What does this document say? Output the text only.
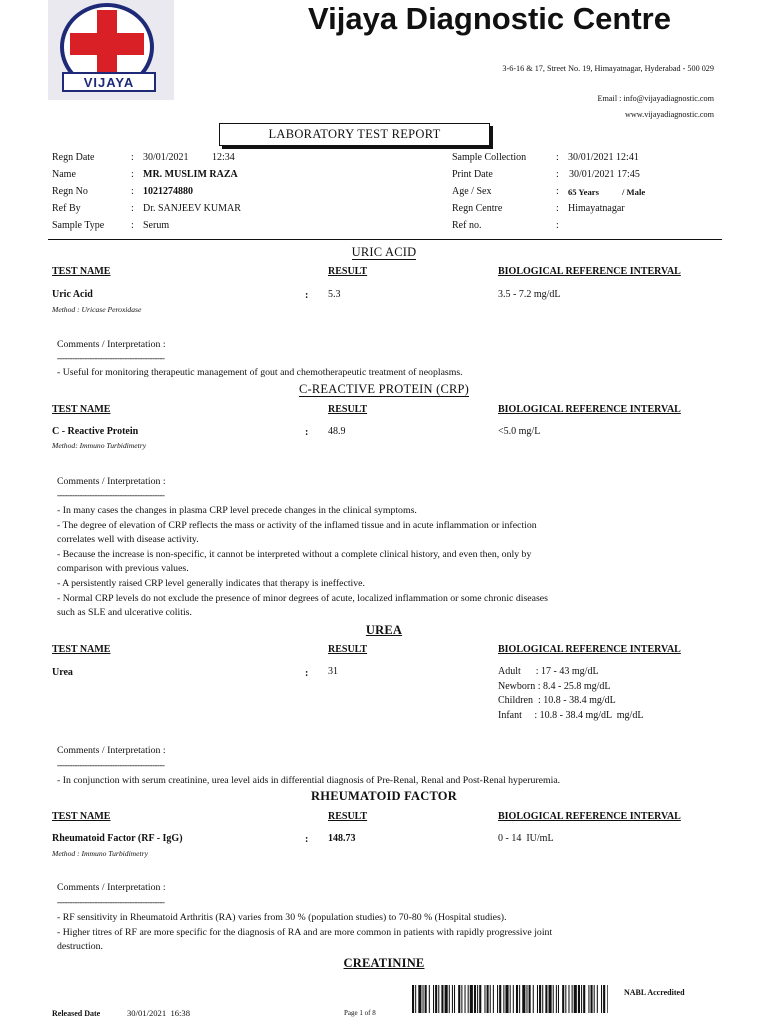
VIJAYA
Vijaya Diagnostic Centre
3-6-16 & 17, Street No. 19, Himayatnagar, Hyderabad - 500 029
Email : info@vijayadiagnostic.com
www.vijayadiagnostic.com
LABORATORY TEST REPORT
Regn Date	: 30/01/2021 12:34
Name	: MR. MUSLIM RAZA
Regn No	: 1021274880
Ref By	: Dr. SANJEEV KUMAR
Sample Type	: Serum
Sample Collection	: 30/01/2021 12:41
Print Date	: 30/01/2021 17:45
Age / Sex	: 65 Years	/ Male
Regn Centre	: Himayatnagar
Ref no.	:
URIC ACID
TEST NAME	RESULT	BIOLOGICAL REFERENCE INTERVAL
Uric Acid
Method : Uricase Peroxidase
: 5.3	3.5 - 7.2 mg/dL
Comments / Interpretation :
-------------------------------------------
- Useful for monitoring therapeutic management of gout and chemotherapeutic treatment of neoplasms.
C-REACTIVE PROTEIN (CRP)
TEST NAME	RESULT	BIOLOGICAL REFERENCE INTERVAL
C - Reactive Protein
Method: Immuno Turbidimetry
: 48.9	<5.0 mg/L
Comments / Interpretation :
-------------------------------------------
- In many cases the changes in plasma CRP level precede changes in the clinical symptoms.
- The degree of elevation of CRP reflects the mass or activity of the inflamed tissue and in acute inflammation or infection
correlates well with disease activity.
- Because the increase is non-specific, it cannot be interpreted without a complete clinical history, and even then, only by
comparison with previous values.
- A persistently raised CRP level generally indicates that therapy is ineffective.
- Normal CRP levels do not exclude the presence of minor degrees of acute, localized inflammation or some chronic diseases
such as SLE and ulcerative colitis.
UREA
TEST NAME	RESULT	BIOLOGICAL REFERENCE INTERVAL
Urea	: 31	Adult      : 17 - 43 mg/dL
Newborn : 8.4 - 25.8 mg/dL
Children  : 10.8 - 38.4 mg/dL
Infant     : 10.8 - 38.4 mg/dL  mg/dL
Comments / Interpretation :
-------------------------------------------
- In conjunction with serum creatinine, urea level aids in differential diagnosis of Pre-Renal, Renal and Post-Renal hyperuremia.
RHEUMATOID FACTOR
TEST NAME	RESULT	BIOLOGICAL REFERENCE INTERVAL
Rheumatoid Factor (RF - IgG)
Method : Immuno Turbidimetry
: 148.73	0 - 14  IU/mL
Comments / Interpretation :
-------------------------------------------
- RF sensitivity in Rheumatoid Arthritis (RA) varies from 30 % (population studies) to 70-80 % (Hospital studies).
- Higher titres of RF are more specific for the diagnosis of RA and are more common in patients with rapidly progressive joint
destruction.
CREATININE
Released Date	30/01/2021  16:38	Page 1 of 8
NABL Accredited
